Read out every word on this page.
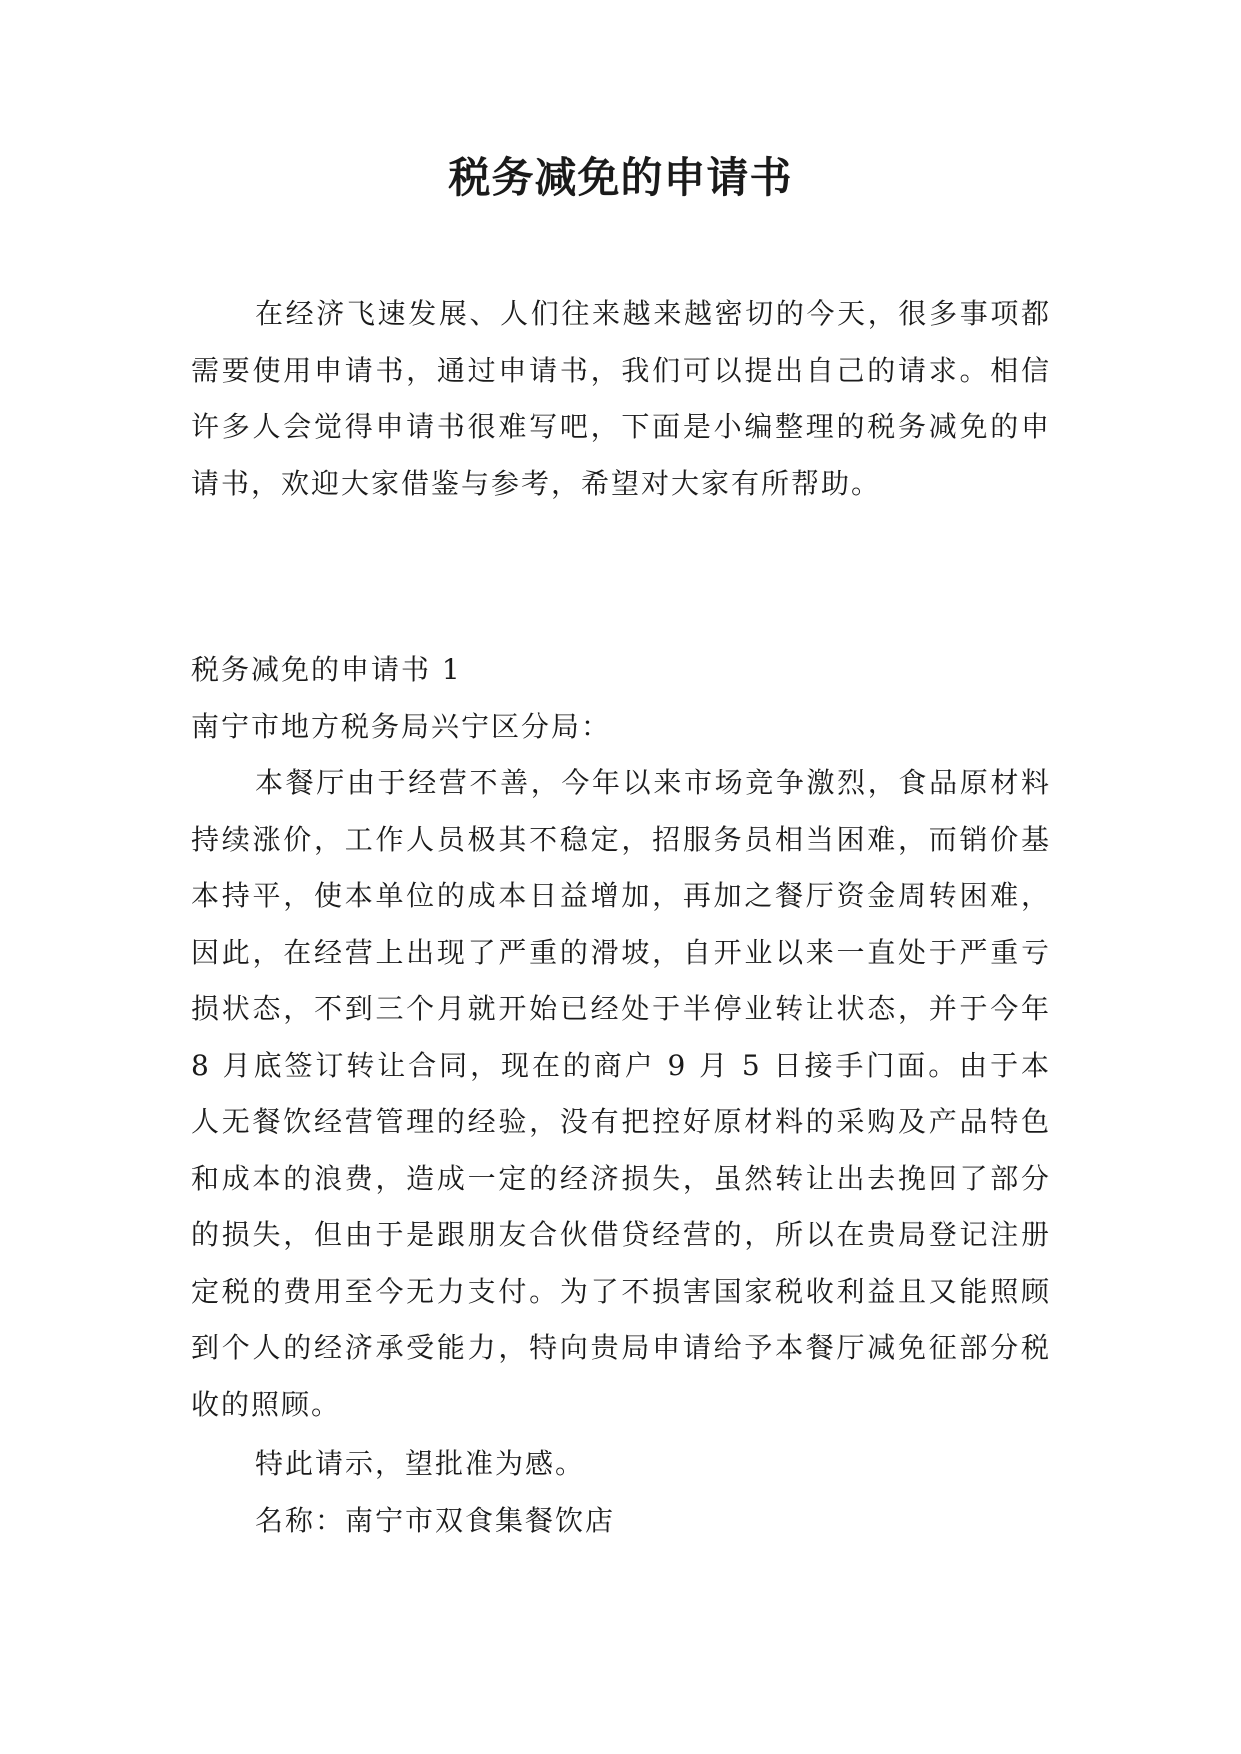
税务减免的申请书

在经济飞速发展、人们往来越来越密切的今天，很多事项都需要使用申请书，通过申请书，我们可以提出自己的请求。相信许多人会觉得申请书很难写吧，下面是小编整理的税务减免的申请书，欢迎大家借鉴与参考，希望对大家有所帮助。

税务减免的申请书 1

南宁市地方税务局兴宁区分局：

本餐厅由于经营不善，今年以来市场竞争激烈，食品原材料持续涨价，工作人员极其不稳定，招服务员相当困难，而销价基本持平，使本单位的成本日益增加，再加之餐厅资金周转困难，因此，在经营上出现了严重的滑坡，自开业以来一直处于严重亏损状态，不到三个月就开始已经处于半停业转让状态，并于今年 8 月底签订转让合同，现在的商户 9 月 5 日接手门面。由于本人无餐饮经营管理的经验，没有把控好原材料的采购及产品特色和成本的浪费，造成一定的经济损失，虽然转让出去挽回了部分的损失，但由于是跟朋友合伙借贷经营的，所以在贵局登记注册定税的费用至今无力支付。为了不损害国家税收利益且又能照顾到个人的经济承受能力，特向贵局申请给予本餐厅减免征部分税收的照顾。

特此请示，望批准为感。

名称：南宁市双食集餐饮店
